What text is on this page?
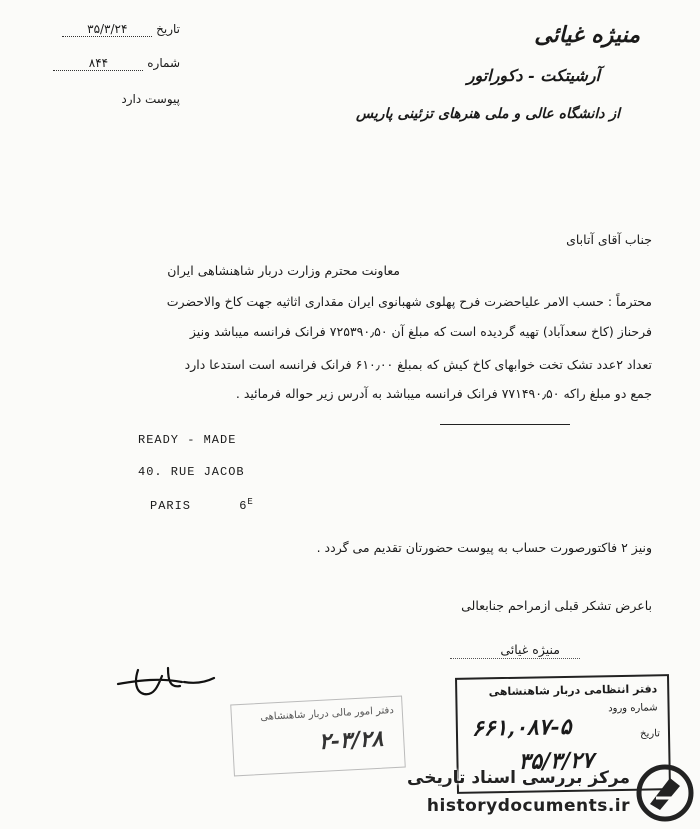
منیژه غیائی
آرشیتکت - دکوراتور
از دانشگاه عالی و ملی هنرهای تزئینی پاریس
تاریخ ۳۵/۳/۲۴
شماره ۸۴۴
پیوست دارد
جناب آقای آتابای
معاونت محترم وزارت دربار شاهنشاهی ایران
محترماً : حسب الامر علیاحضرت فرح پهلوی شهبانوی ایران مقداری اثاثیه جهت کاخ والاحضرت
فرحناز (کاخ سعدآباد) تهیه گردیده است که مبلغ آن ۷۲۵۳۹۰٫۵۰ فرانک فرانسه میباشد ونیز
تعداد ۲عدد تشک تخت خوابهای کاخ کیش که بمبلغ ۶۱۰٫۰۰ فرانک فرانسه است استدعا دارد
جمع دو مبلغ راکه ۷۷۱۴۹۰٫۵۰ فرانک فرانسه میباشد به آدرس زیر حواله فرمائید .
READY - MADE
40. RUE JACOB
PARIS	$6^E$
ونیز ۲ فاکتورصورت حساب به پیوست حضورتان تقدیم می گردد .
باعرض تشکر قبلی ازمراحم جنابعالی
منیژه غیائی
دفتر امور مالی دربار شاهنشاهی
۲-۳/۲۸
دفتر انتظامی دربار شاهنشاهی
شماره ورود
۶۶۱,۰۸۷-۵	تاریخ
۳۵/۳/۲۷
مرکز بررسی اسناد تاریخی
historydocuments.ir
